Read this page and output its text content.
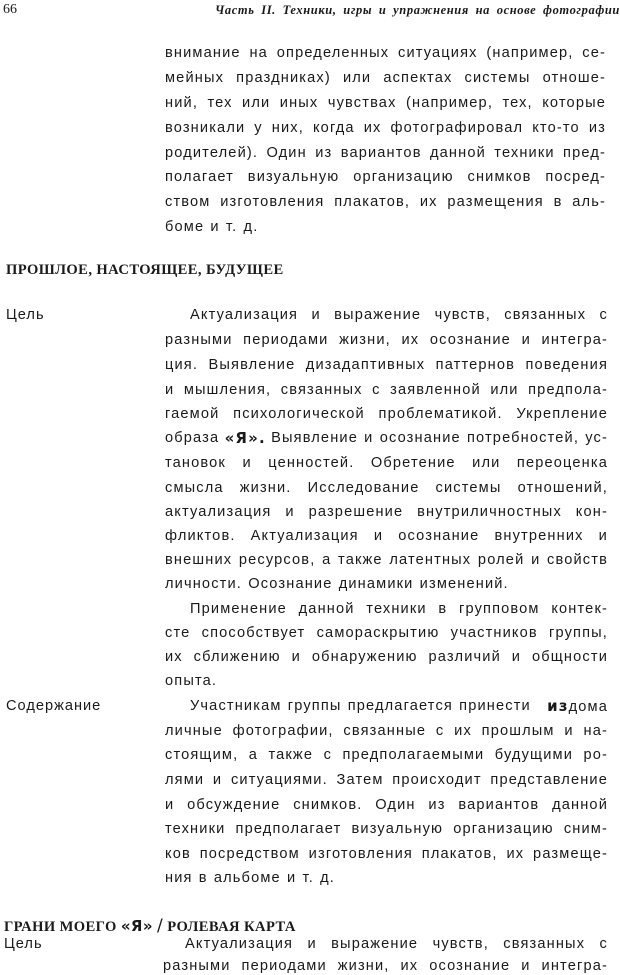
66	Часть II. Техники, игры и упражнения на основе фотографии
внимание на определенных ситуациях (например, се-
мейных праздниках) или аспектах системы отноше-
ний, тех или иных чувствах (например, тех, которые
возникали у них, когда их фотографировал кто-то из
родителей). Один из вариантов данной техники пред-
полагает визуальную организацию снимков посред-
ством изготовления плакатов, их размещения в аль-
боме и т. д.
ПРОШЛОЕ, НАСТОЯЩЕЕ, БУДУЩЕЕ
Цель	Актуализация и выражение чувств, связанных с
разными периодами жизни, их осознание и интегра-
ция. Выявление дизадаптивных паттернов поведения
и мышления, связанных с заявленной или предпола-
гаемой психологической проблематикой. Укрепление
образа «Я». Выявление и осознание потребностей, ус-
тановок и ценностей. Обретение или переоценка
смысла жизни. Исследование системы отношений,
актуализация и разрешение внутриличностных кон-
фликтов. Актуализация и осознание внутренних и
внешних ресурсов, а также латентных ролей и свойств
личности. Осознание динамики изменений.
Применение данной техники в групповом контек-
сте способствует самораскрытию участников группы,
их сближению и обнаружению различий и общности
опыта.
Содержание	Участникам группы предлагается принести издома
личные фотографии, связанные с их прошлым и на-
стоящим, а также с предполагаемыми будущими ро-
лями и ситуациями. Затем происходит представление
и обсуждение снимков. Один из вариантов данной
техники предполагает визуальную организацию сним-
ков посредством изготовления плакатов, их размеще-
ния в альбоме и т. д.
ГРАНИ МОЕГО «Я» / РОЛЕВАЯ КАРТА
Цель	Актуализация и выражение чувств, связанных с
разными периодами жизни, их осознание и интегра-
